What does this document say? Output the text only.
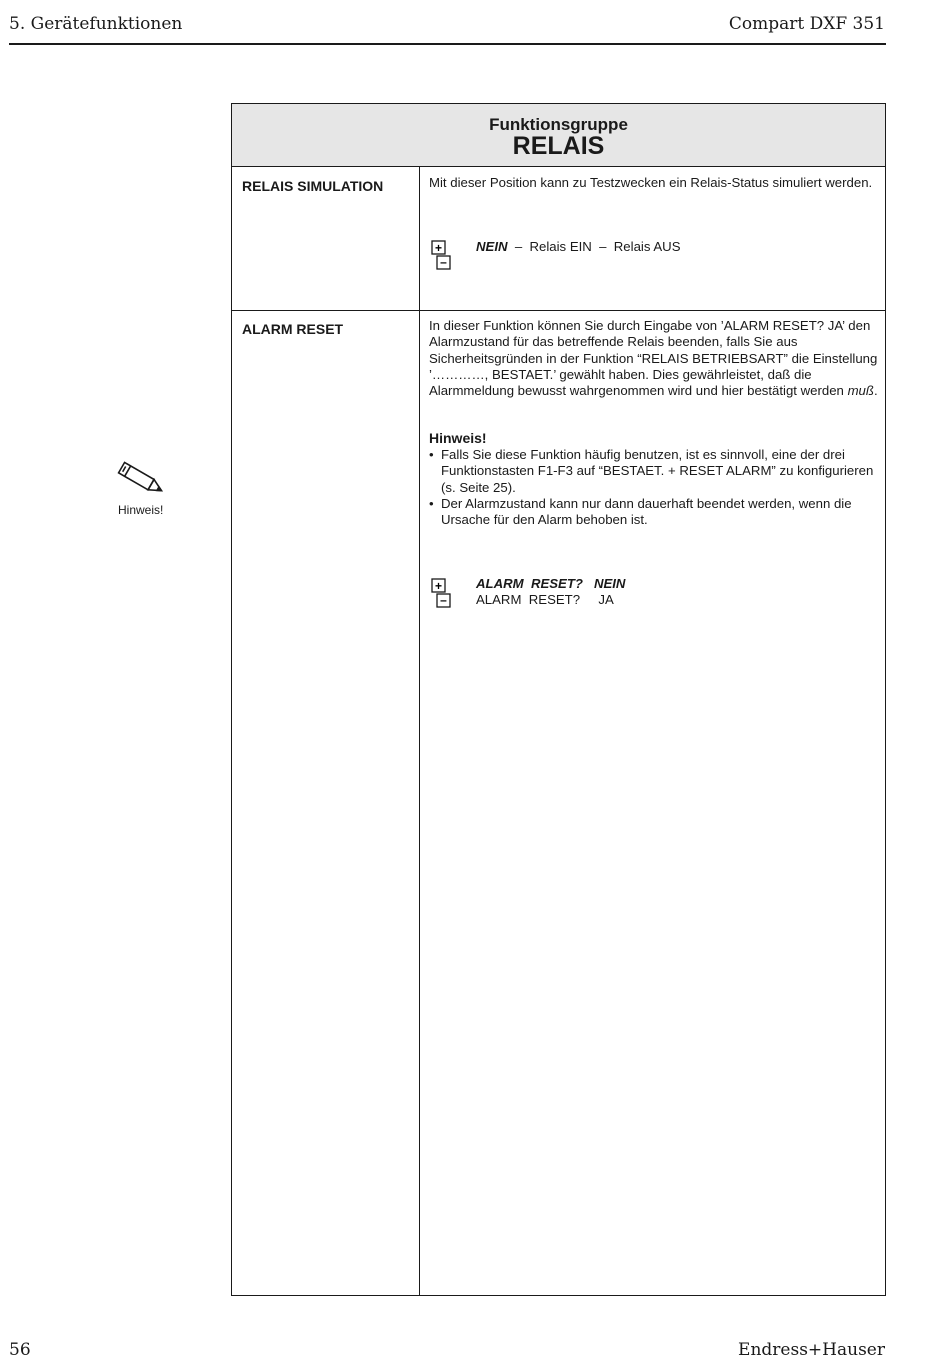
5. Gerätefunktionen	Compart DXF 351
Hinweis!
Funktionsgruppe
RELAIS
RELAIS SIMULATION	Mit dieser Position kann zu Testzwecken ein Relais-Status simuliert werden.
+
–
NEIN  –  Relais EIN  –  Relais AUS
ALARM RESET	In dieser Funktion können Sie durch Eingabe von ’ALARM RESET? JA’ den Alarmzustand für das betreffende Relais beenden, falls Sie aus Sicherheitsgründen in der Funktion “RELAIS BETRIEBSART” die Einstellung ’…………, BESTAET.’ gewählt haben. Dies gewährleistet, daß die Alarmmeldung bewusst wahrgenommen wird und hier bestätigt werden muß.
Hinweis!
• Falls Sie diese Funktion häufig benutzen, ist es sinnvoll, eine der drei Funktionstasten F1-F3 auf “BESTAET. + RESET ALARM” zu konfigurieren (s. Seite 25).
• Der Alarmzustand kann nur dann dauerhaft beendet werden, wenn die Ursache für den Alarm behoben ist.
+
–
ALARM  RESET?   NEIN
ALARM  RESET?     JA
56	Endress+Hauser
